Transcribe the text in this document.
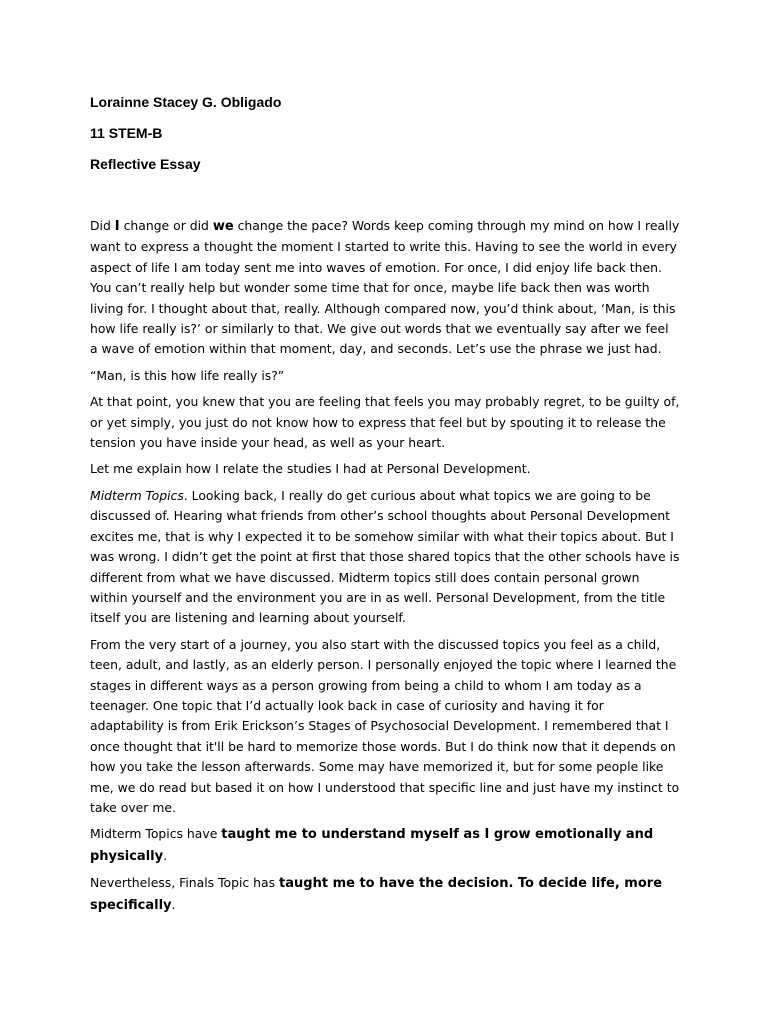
Lorainne Stacey G. Obligado
11 STEM-B
Reflective Essay

Did I change or did we change the pace? Words keep coming through my mind on how I really want to express a thought the moment I started to write this. Having to see the world in every aspect of life I am today sent me into waves of emotion. For once, I did enjoy life back then. You can’t really help but wonder some time that for once, maybe life back then was worth living for. I thought about that, really. Although compared now, you’d think about, ‘Man, is this how life really is?’ or similarly to that. We give out words that we eventually say after we feel a wave of emotion within that moment, day, and seconds. Let’s use the phrase we just had.

“Man, is this how life really is?”

At that point, you knew that you are feeling that feels you may probably regret, to be guilty of, or yet simply, you just do not know how to express that feel but by spouting it to release the tension you have inside your head, as well as your heart.

Let me explain how I relate the studies I had at Personal Development.

Midterm Topics. Looking back, I really do get curious about what topics we are going to be discussed of. Hearing what friends from other’s school thoughts about Personal Development excites me, that is why I expected it to be somehow similar with what their topics about. But I was wrong. I didn’t get the point at first that those shared topics that the other schools have is different from what we have discussed. Midterm topics still does contain personal grown within yourself and the environment you are in as well. Personal Development, from the title itself you are listening and learning about yourself.

From the very start of a journey, you also start with the discussed topics you feel as a child, teen, adult, and lastly, as an elderly person. I personally enjoyed the topic where I learned the stages in different ways as a person growing from being a child to whom I am today as a teenager. One topic that I’d actually look back in case of curiosity and having it for adaptability is from Erik Erickson’s Stages of Psychosocial Development. I remembered that I once thought that it'll be hard to memorize those words. But I do think now that it depends on how you take the lesson afterwards. Some may have memorized it, but for some people like me, we do read but based it on how I understood that specific line and just have my instinct to take over me.

Midterm Topics have taught me to understand myself as I grow emotionally and physically.

Nevertheless, Finals Topic has taught me to have the decision. To decide life, more specifically.
